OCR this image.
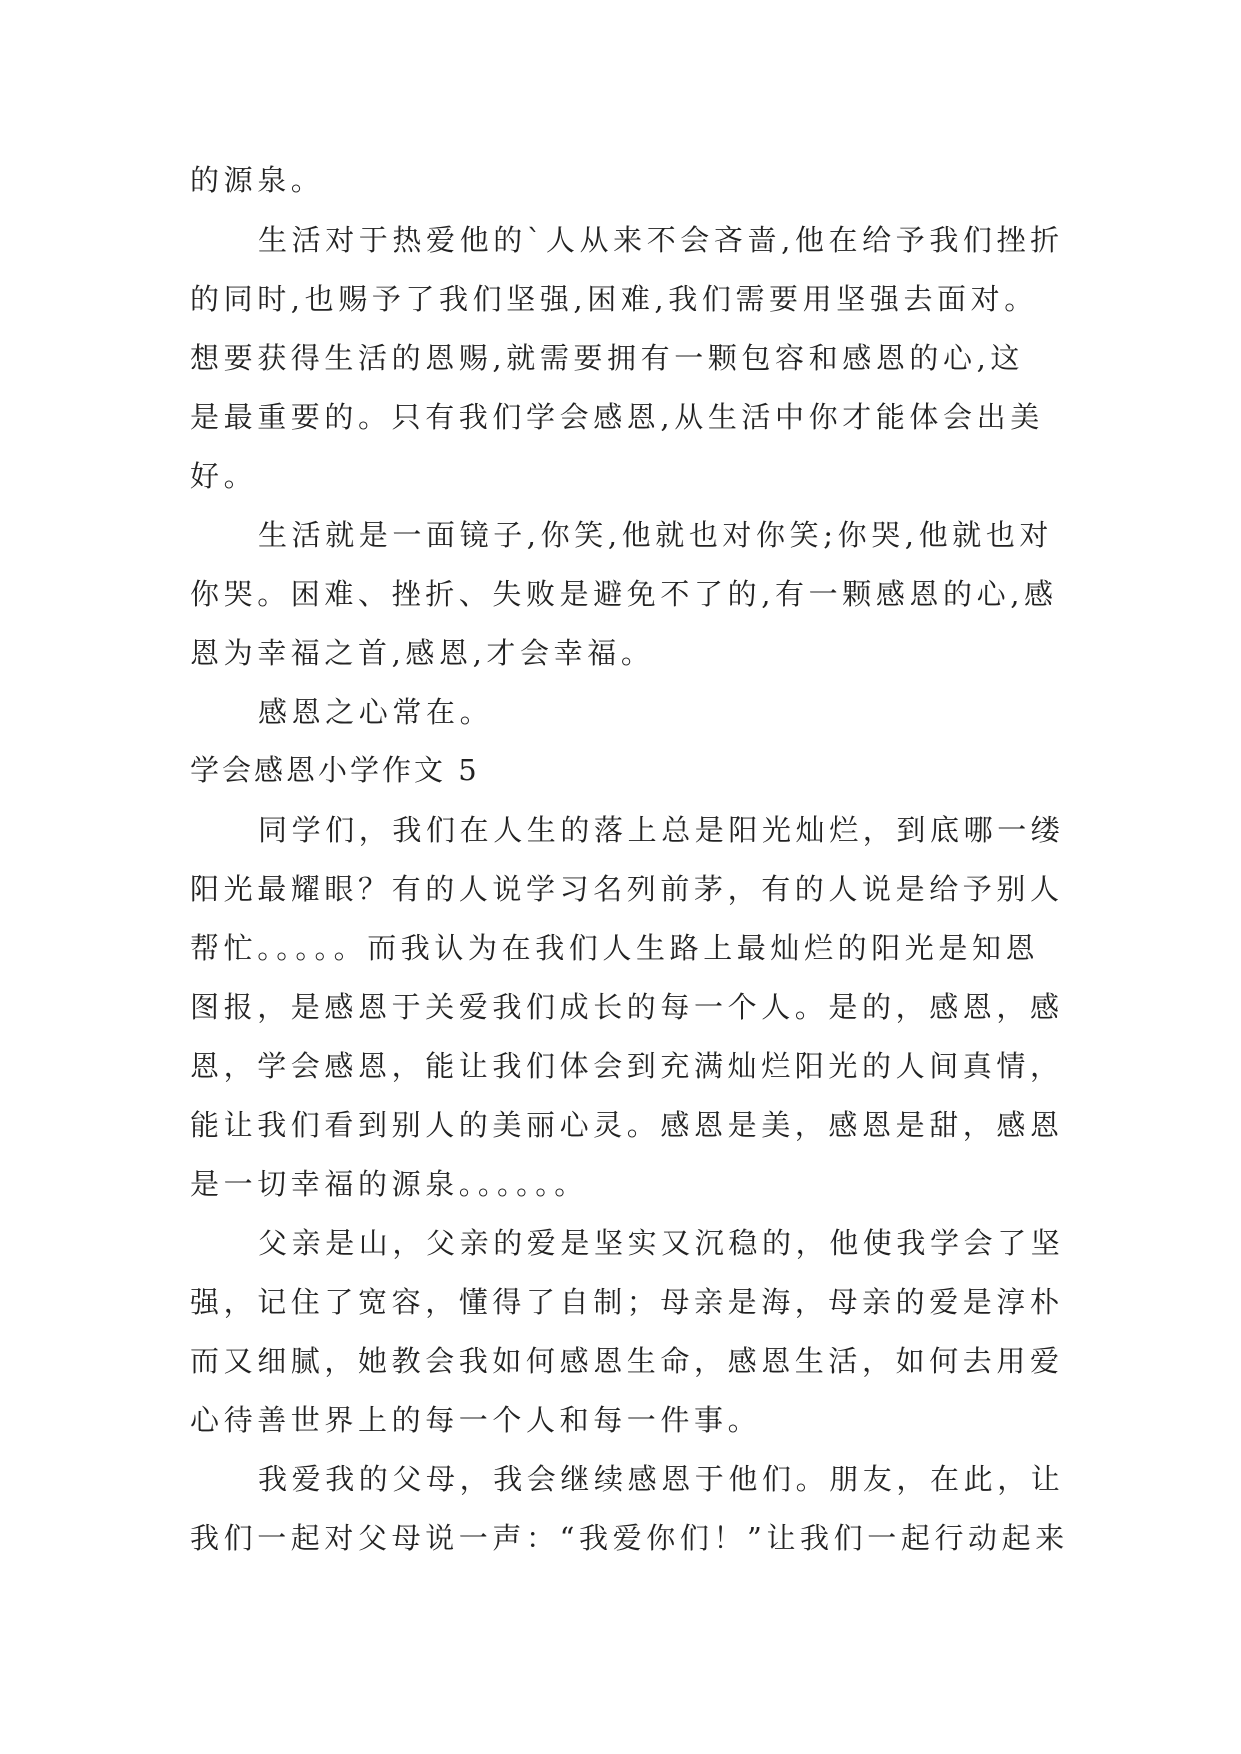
的源泉。
生活对于热爱他的`人从来不会吝啬,他在给予我们挫折
的同时,也赐予了我们坚强,困难,我们需要用坚强去面对。
想要获得生活的恩赐,就需要拥有一颗包容和感恩的心,这
是最重要的。只有我们学会感恩,从生活中你才能体会出美
好。
生活就是一面镜子,你笑,他就也对你笑;你哭,他就也对
你哭。困难、挫折、失败是避免不了的,有一颗感恩的心,感
恩为幸福之首,感恩,才会幸福。
感恩之心常在。
学会感恩小学作文 5
同学们，我们在人生的落上总是阳光灿烂，到底哪一缕
阳光最耀眼？有的人说学习名列前茅，有的人说是给予别人
帮忙。。。。。而我认为在我们人生路上最灿烂的阳光是知恩
图报，是感恩于关爱我们成长的每一个人。是的，感恩，感
恩，学会感恩，能让我们体会到充满灿烂阳光的人间真情，
能让我们看到别人的美丽心灵。感恩是美，感恩是甜，感恩
是一切幸福的源泉。。。。。。
父亲是山，父亲的爱是坚实又沉稳的，他使我学会了坚
强，记住了宽容，懂得了自制；母亲是海，母亲的爱是淳朴
而又细腻，她教会我如何感恩生命，感恩生活，如何去用爱
心待善世界上的每一个人和每一件事。
我爱我的父母，我会继续感恩于他们。朋友，在此，让
我们一起对父母说一声：“我爱你们！”让我们一起行动起来
